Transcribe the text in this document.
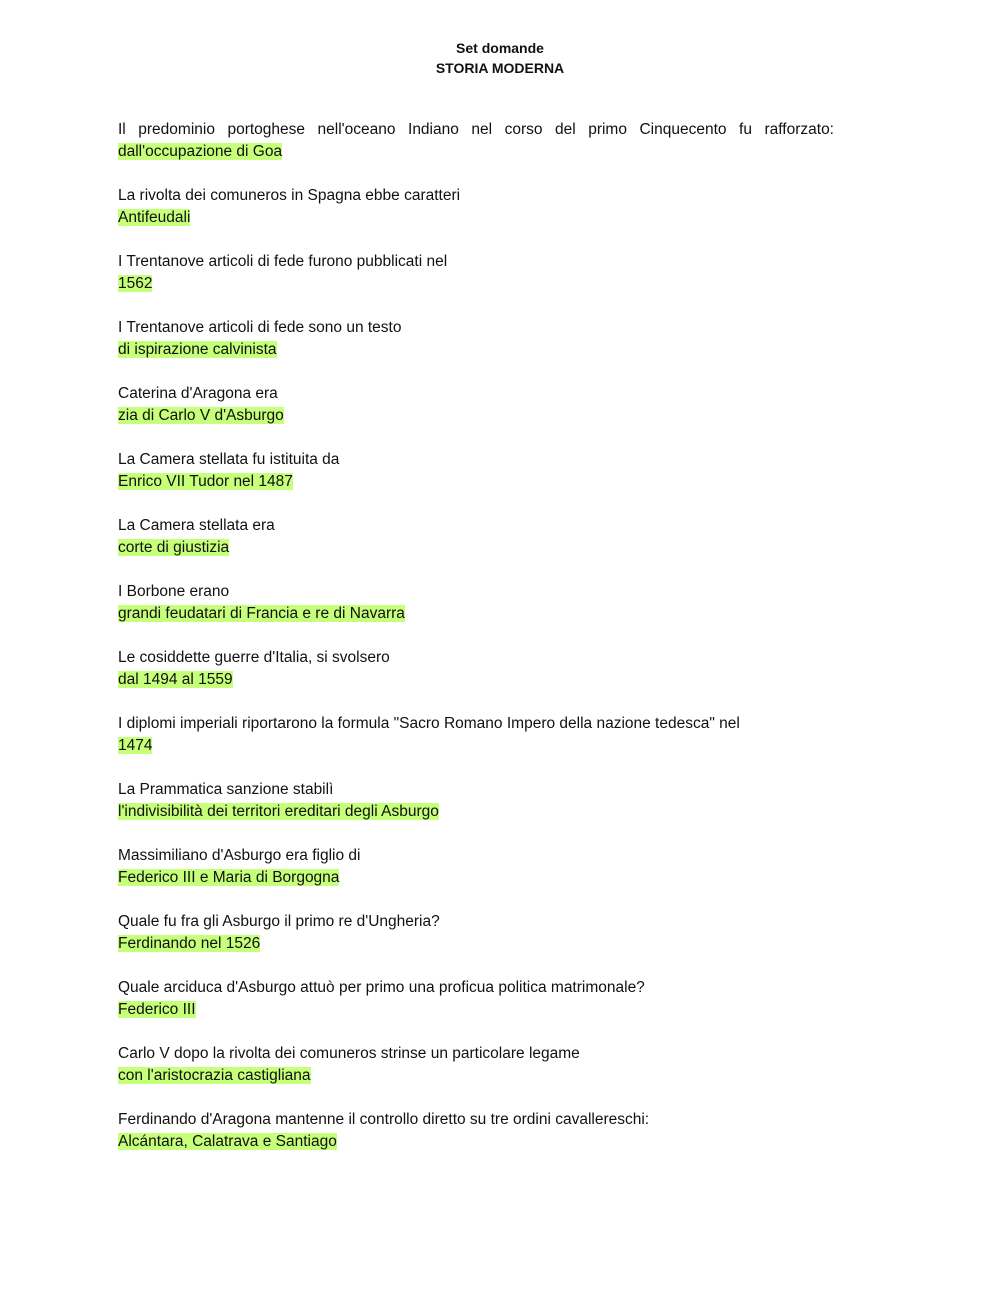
Set domande
STORIA MODERNA
Il predominio portoghese nell'oceano Indiano nel corso del primo Cinquecento fu rafforzato:
dall'occupazione di Goa
La rivolta dei comuneros in Spagna ebbe caratteri
Antifeudali
I Trentanove articoli di fede furono pubblicati nel
1562
I Trentanove articoli di fede sono un testo
di ispirazione calvinista
Caterina d'Aragona era
zia di Carlo V d'Asburgo
La Camera stellata fu istituita da
Enrico VII Tudor nel 1487
La Camera stellata era
corte di giustizia
I Borbone erano
grandi feudatari di Francia e re di Navarra
Le cosiddette guerre d'Italia, si svolsero
dal 1494 al 1559
I diplomi imperiali riportarono la formula "Sacro Romano Impero della nazione tedesca" nel
1474
La Prammatica sanzione stabilì
l'indivisibilità dei territori ereditari degli Asburgo
Massimiliano d'Asburgo era figlio di
Federico III e Maria di Borgogna
Quale fu fra gli Asburgo il primo re d'Ungheria?
Ferdinando nel 1526
Quale arciduca d'Asburgo attuò per primo una proficua politica matrimonale?
Federico III
Carlo V dopo la rivolta dei comuneros strinse un particolare legame
con l'aristocrazia castigliana
Ferdinando d'Aragona mantenne il controllo diretto su tre ordini cavallereschi:
Alcántara, Calatrava e Santiago
